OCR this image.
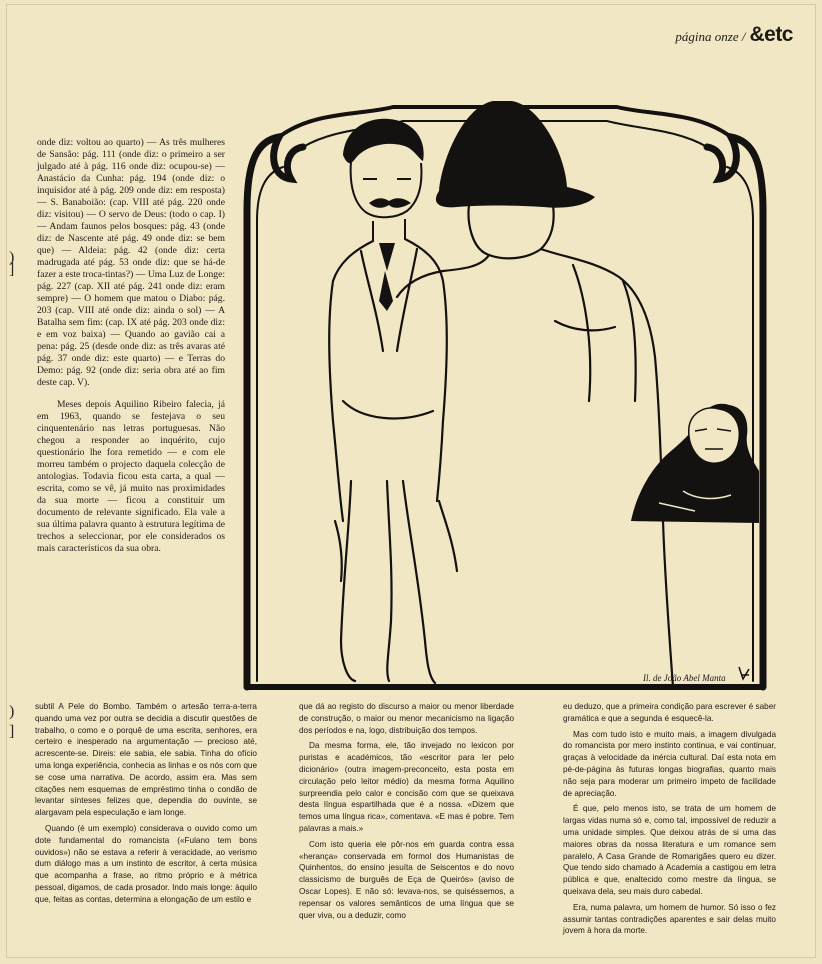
página onze / &etc

onde diz: voltou ao quarto) — As três mulheres de Sansão: pág. 111 (onde diz: o primeiro a ser julgado até à pág. 116 onde diz: ocupou-se) — Anastácio da Cunha: pág. 194 (onde diz: o inquisidor até à pág. 209 onde diz: em resposta) — S. Banaboião: (cap. VIII até pág. 220 onde diz: visitou) — O servo de Deus: (todo o cap. I) — Andam faunos pelos bosques: pág. 43 (onde diz: de Nascente até pág. 49 onde diz: se bem que) — Aldeia: pág. 42 (onde diz: certa madrugada até pág. 53 onde diz: que se há-de fazer a este troca-tintas?) — Uma Luz de Longe: pág. 227 (cap. XII até pág. 241 onde diz: eram sempre) — O homem que matou o Diabo: pág. 203 (cap. VIII até onde diz: ainda o sol) — A Batalha sem fim: (cap. IX até pág. 203 onde diz: e em voz baixa) — Quando ao gavião cai a pena: pág. 25 (desde onde diz: as três avaras até pág. 37 onde diz: este quarto) — e Terras do Demo: pág. 92 (onde diz: seria obra até ao fim deste cap. V).

Meses depois Aquilino Ribeiro falecia, já em 1963, quando se festejava o seu cinquentenário nas letras portuguesas. Não chegou a responder ao inquérito, cujo questionário lhe fora remetido — e com ele morreu também o projecto daquela colecção de antologias. Todavia ficou esta carta, a qual — escrita, como se vê, já muito nas proximidades da sua morte — ficou a constituir um documento de relevante significado. Ela vale a sua última palavra quanto à estrutura legítima de trechos a seleccionar, por ele considerados os mais característicos da sua obra.

)
]
)
]
Il. de João Abel Manta

subtil A Pele do Bombo. Também o artesão terra-a-terra quando uma vez por outra se decidia a discutir questões de trabalho, o como e o porquê de uma escrita, senhores, era certeiro e inesperado na argumentação — precioso até, acrescente-se. Direis: ele sabia, ele sabia. Tinha do ofício uma longa experiência, conhecia as linhas e os nós com que se cose uma narrativa. De acordo, assim era. Mas sem citações nem esquemas de empréstimo tinha o condão de levantar sínteses felizes que, dependia do ouvinte, se alargavam pela especulação e iam longe.

Quando (é um exemplo) considerava o ouvido como um dote fundamental do romancista («Fulano tem bons ouvidos») não se estava a referir à veracidade, ao verismo dum diálogo mas a um instinto de escritor, à certa música que acompanha a frase, ao ritmo próprio e à métrica pessoal, digamos, de cada prosador. Indo mais longe: àquilo que, feitas as contas, determina a elongação de um estilo e

que dá ao registo do discurso a maior ou menor liberdade de construção, o maior ou menor mecanicismo na ligação dos períodos e na, logo, distribuição dos tempos.

Da mesma forma, ele, tão invejado no lexicon por puristas e académicos, tão «escritor para ler pelo dicionário» (outra imagem-preconceito, esta posta em circulação pelo leitor médio) da mesma forma Aquilino surpreendia pelo calor e concisão com que se queixava desta língua espartilhada que é a nossa. «Dizem que temos uma língua rica», comentava. «E mas é pobre. Tem palavras a mais.»

Com isto queria ele pôr-nos em guarda contra essa «herança» conservada em formol dos Humanistas de Quinhentos, do ensino jesuíta de Seiscentos e do novo classicismo de burguês de Eça de Queirós» (aviso de Oscar Lopes). E não só: levava-nos, se quiséssemos, a repensar os valores semânticos de uma língua que se quer viva, ou a deduzir, como

eu deduzo, que a primeira condição para escrever é saber gramática e que a segunda é esquecê-la.

Mas com tudo isto e muito mais, a imagem divulgada do romancista por mero instinto continua, e vai continuar, graças à velocidade da inércia cultural. Daí esta nota em pé-de-página às futuras longas biografias, quanto mais não seja para moderar um primeiro ímpeto de facilidade de apreciação.

É que, pelo menos isto, se trata de um homem de largas vidas numa só e, como tal, impossível de reduzir a uma unidade simples. Que deixou atrás de si uma das maiores obras da nossa literatura e um romance sem paralelo, A Casa Grande de Romarigães quero eu dizer. Que tendo sido chamado à Academia a castigou em letra pública e que, enaltecido como mestre da língua, se queixava dela, seu mais duro cabedal.

Era, numa palavra, um homem de humor. Só isso o fez assumir tantas contradições aparentes e sair delas muito jovem à hora da morte.
